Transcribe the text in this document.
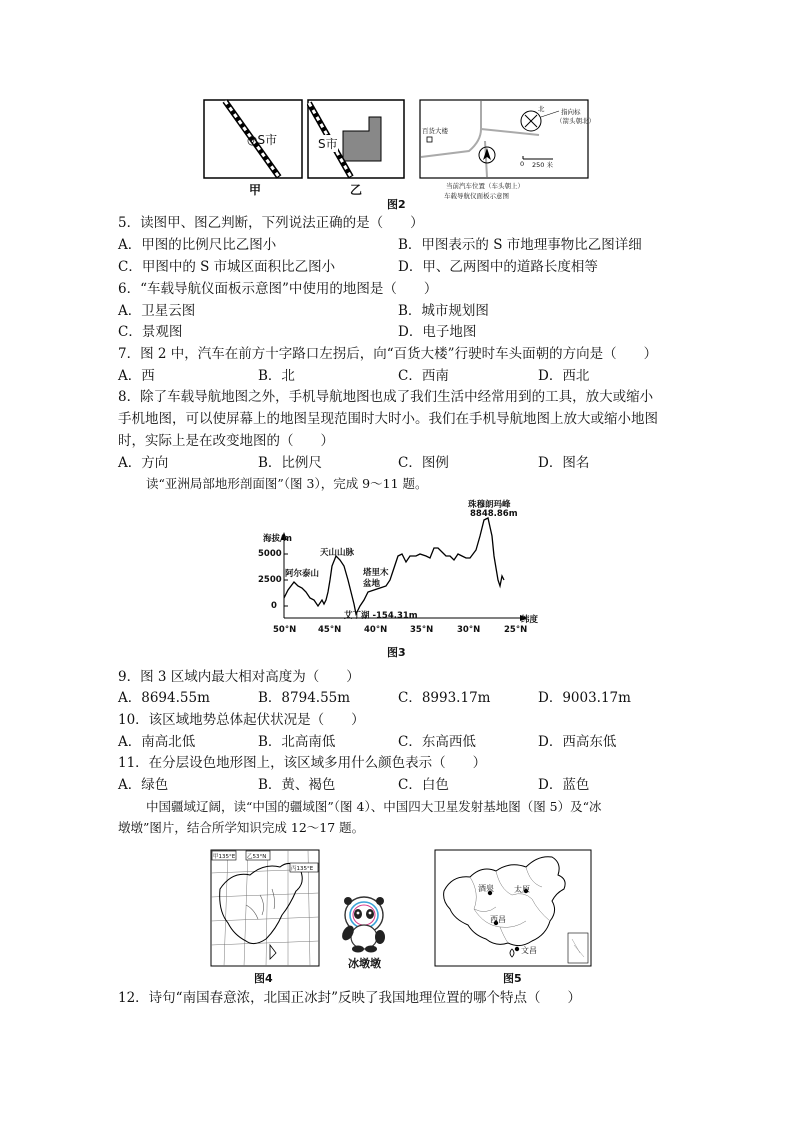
◎S市
甲
S市
乙
百货大楼
北	指向标
（箭头朝北）
0 250 米
当前汽车位置（车头朝上）
车载导航仪面板示意图
图2
5．读图甲、图乙判断，下列说法正确的是（　　）
A．甲图的比例尺比乙图小	B．甲图表示的 S 市地理事物比乙图详细
C．甲图中的 S 市城区面积比乙图小	D．甲、乙两图中的道路长度相等
6．“车载导航仪面板示意图”中使用的地图是（　　）
A．卫星云图	B．城市规划图
C．景观图	D．电子地图
7．图 2 中，汽车在前方十字路口左拐后，向“百货大楼”行驶时车头面朝的方向是（　　）
A．西	B．北	C．西南	D．西北
8．除了车载导航地图之外，手机导航地图也成了我们生活中经常用到的工具，放大或缩小
手机地图，可以使屏幕上的地图呈现范围时大时小。我们在手机导航地图上放大或缩小地图
时，实际上是在改变地图的（　　）
A．方向	B．比例尺	C．图例	D．图名
读“亚洲局部地形剖面图”（图 3），完成 9～11 题。
珠穆朗玛峰
8848.86m
海拔/m
5000
2500
0
阿尔泰山
天山山脉
塔里木
盆地
艾丁湖 -154.31m
50°N	45°N	40°N	35°N	30°N	25°N
纬度
图3
9．图 3 区域内最大相对高度为（　　）
A．8694.55m	B．8794.55m	C．8993.17m	D．9003.17m
10．该区域地势总体起伏状况是（　　）
A．南高北低	B．北高南低	C．东高西低	D．西高东低
11．在分层设色地形图上，该区域多用什么颜色表示（　　）
A．绿色	B．黄、褐色	C．白色	D．蓝色
中国疆域辽阔，读“中国的疆域图”（图 4）、中国四大卫星发射基地图（图 5）及“冰
墩墩”图片，结合所学知识完成 12～17 题。
甲135°E 乙53°N
丙135°E
图4
冰墩墩
酒泉	太原
西昌
文昌
图5
12．诗句“南国春意浓，北国正冰封”反映了我国地理位置的哪个特点（　　）
